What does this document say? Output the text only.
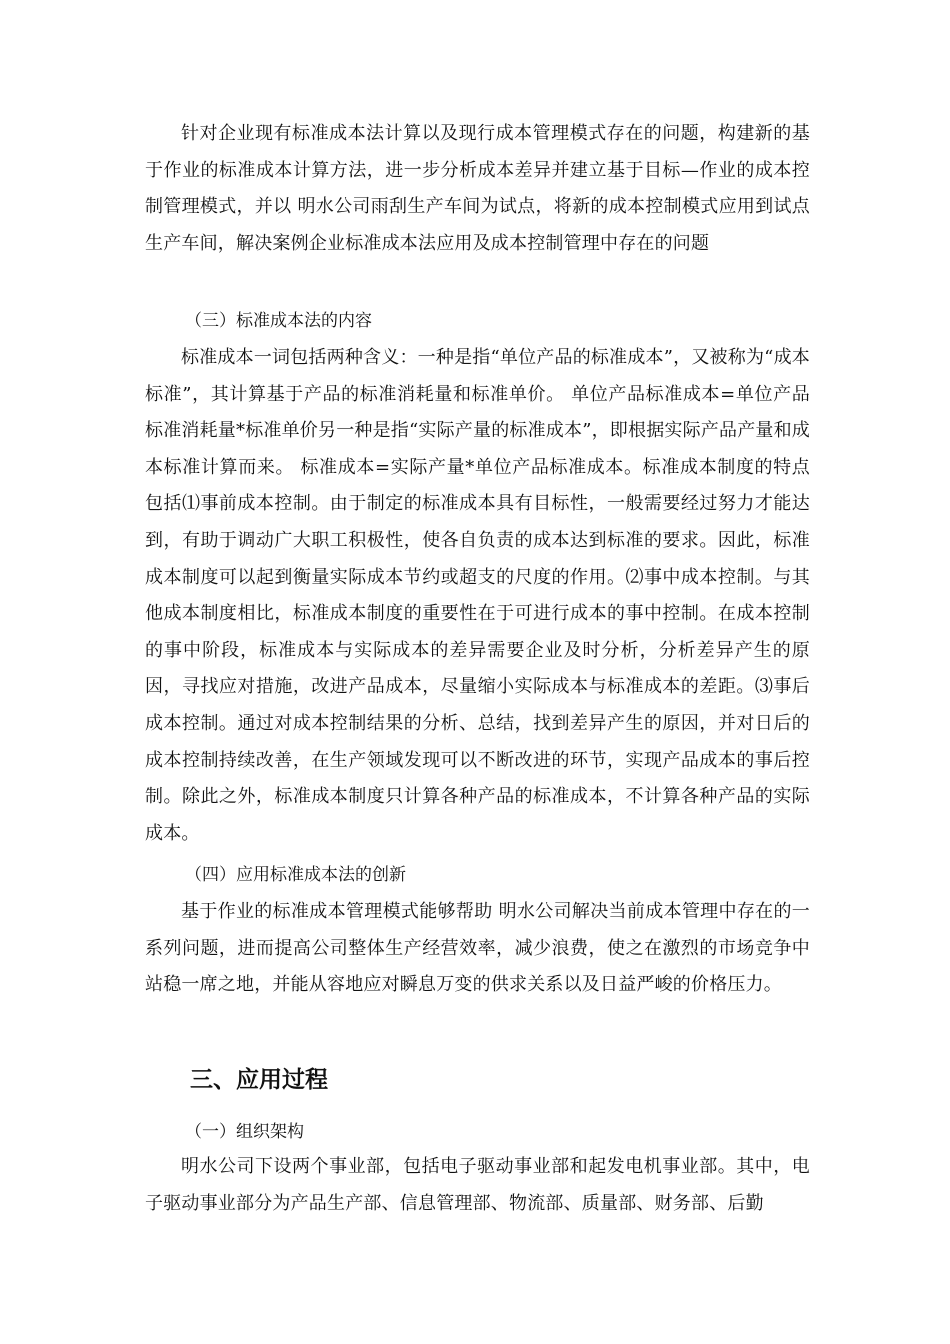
针对企业现有标准成本法计算以及现行成本管理模式存在的问题，构建新的基于作业的标准成本计算方法，进一步分析成本差异并建立基于目标—作业的成本控制管理模式，并以 明水公司雨刮生产车间为试点，将新的成本控制模式应用到试点生产车间，解决案例企业标准成本法应用及成本控制管理中存在的问题

（三）标准成本法的内容

标准成本一词包括两种含义：一种是指“单位产品的标准成本”，又被称为“成本标准”，其计算基于产品的标准消耗量和标准单价。 单位产品标准成本=单位产品标准消耗量*标准单价另一种是指“实际产量的标准成本”，即根据实际产品产量和成本标准计算而来。 标准成本=实际产量*单位产品标准成本。标准成本制度的特点包括⑴事前成本控制。由于制定的标准成本具有目标性，一般需要经过努力才能达到，有助于调动广大职工积极性，使各自负责的成本达到标准的要求。因此，标准成本制度可以起到衡量实际成本节约或超支的尺度的作用。⑵事中成本控制。与其他成本制度相比，标准成本制度的重要性在于可进行成本的事中控制。在成本控制的事中阶段，标准成本与实际成本的差异需要企业及时分析，分析差异产生的原因，寻找应对措施，改进产品成本，尽量缩小实际成本与标准成本的差距。⑶事后成本控制。通过对成本控制结果的分析、总结，找到差异产生的原因，并对日后的成本控制持续改善，在生产领域发现可以不断改进的环节，实现产品成本的事后控制。除此之外，标准成本制度只计算各种产品的标准成本，不计算各种产品的实际成本。

（四）应用标准成本法的创新

基于作业的标准成本管理模式能够帮助 明水公司解决当前成本管理中存在的一系列问题，进而提高公司整体生产经营效率，减少浪费，使之在激烈的市场竞争中站稳一席之地，并能从容地应对瞬息万变的供求关系以及日益严峻的价格压力。

三、应用过程

（一）组织架构

明水公司下设两个事业部，包括电子驱动事业部和起发电机事业部。其中，电子驱动事业部分为产品生产部、信息管理部、物流部、质量部、财务部、后勤
